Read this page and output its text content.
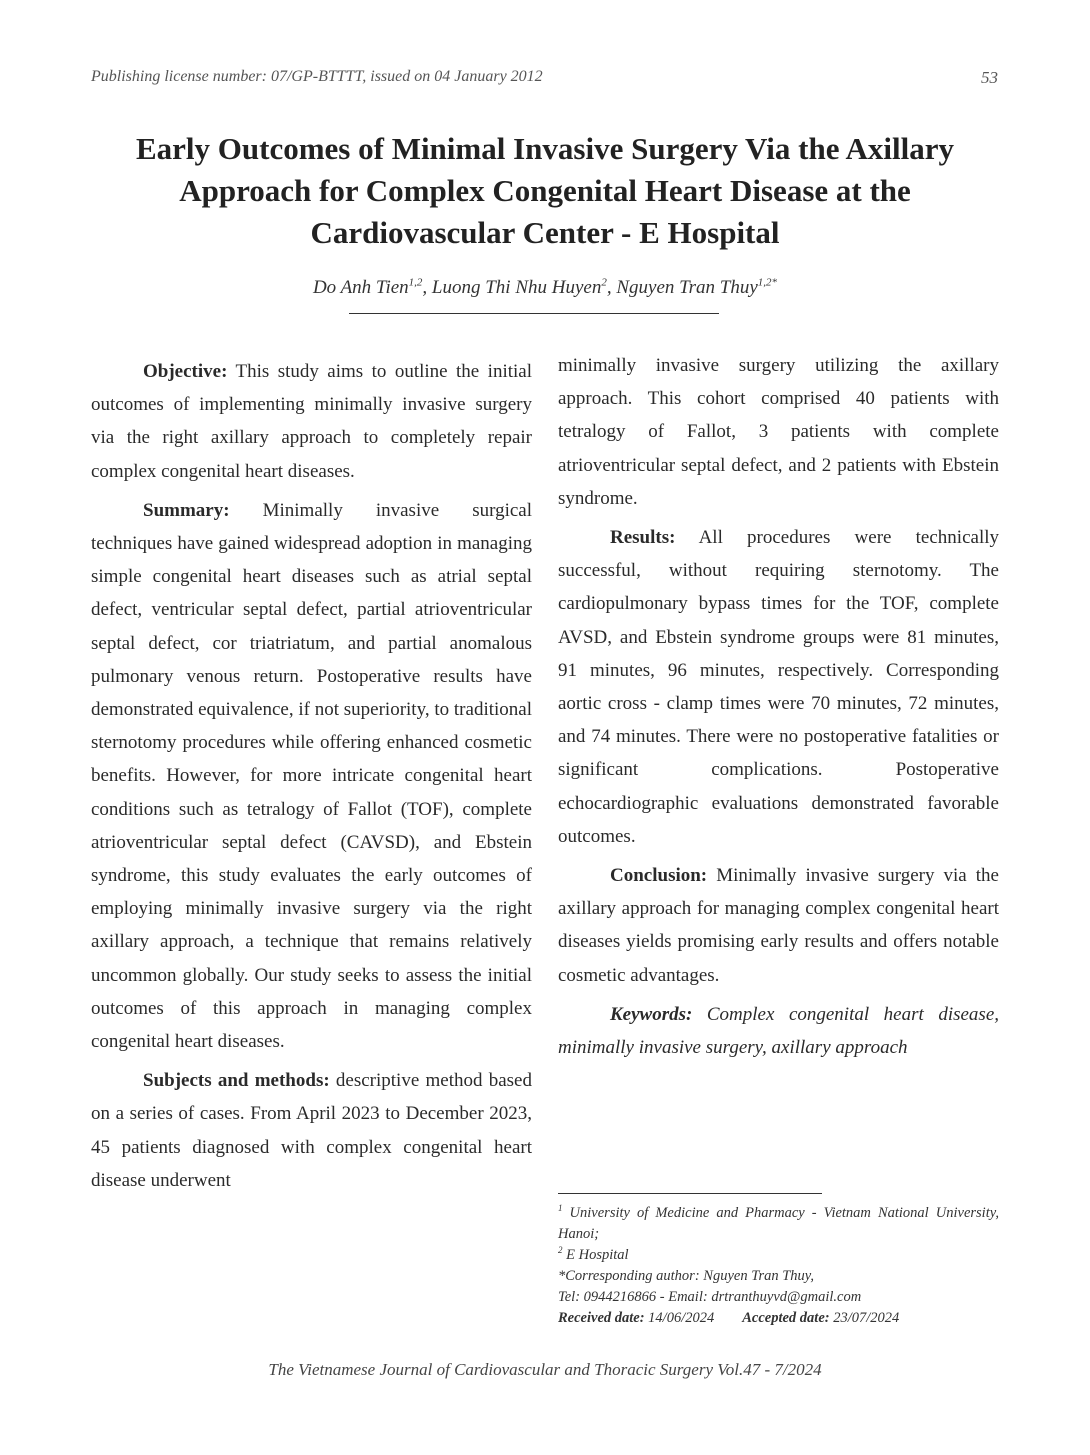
Publishing license number: 07/GP-BTTTT, issued on 04 January 2012	53
Early Outcomes of Minimal Invasive Surgery Via the Axillary
Approach for Complex Congenital Heart Disease at the
Cardiovascular Center - E Hospital
Do Anh Tien$^{1,2}$, Luong Thi Nhu Huyen$^2$, Nguyen Tran Thuy$^{1,2*}$

Objective: This study aims to outline the initial outcomes of implementing minimally invasive surgery via the right axillary approach to completely repair complex congenital heart diseases.

Summary: Minimally invasive surgical techniques have gained widespread adoption in managing simple congenital heart diseases such as atrial septal defect, ventricular septal defect, partial atrioventricular septal defect, cor triatriatum, and partial anomalous pulmonary venous return. Postoperative results have demonstrated equivalence, if not superiority, to traditional sternotomy procedures while offering enhanced cosmetic benefits. However, for more intricate congenital heart conditions such as tetralogy of Fallot (TOF), complete atrioventricular septal defect (CAVSD), and Ebstein syndrome, this study evaluates the early outcomes of employing minimally invasive surgery via the right axillary approach, a technique that remains relatively uncommon globally. Our study seeks to assess the initial outcomes of this approach in managing complex congenital heart diseases.

Subjects and methods: descriptive method based on a series of cases. From April 2023 to December 2023, 45 patients diagnosed with complex congenital heart disease underwent

minimally invasive surgery utilizing the axillary approach. This cohort comprised 40 patients with tetralogy of Fallot, 3 patients with complete atrioventricular septal defect, and 2 patients with Ebstein syndrome.

Results: All procedures were technically successful, without requiring sternotomy. The cardiopulmonary bypass times for the TOF, complete AVSD, and Ebstein syndrome groups were 81 minutes, 91 minutes, 96 minutes, respectively. Corresponding aortic cross - clamp times were 70 minutes, 72 minutes, and 74 minutes. There were no postoperative fatalities or significant complications. Postoperative echocardiographic evaluations demonstrated favorable outcomes.

Conclusion: Minimally invasive surgery via the axillary approach for managing complex congenital heart diseases yields promising early results and offers notable cosmetic advantages.

Keywords: Complex congenital heart disease, minimally invasive surgery, axillary approach

$^1$ University of Medicine and Pharmacy - Vietnam National University, Hanoi;

$^2$ E Hospital

*Corresponding author: Nguyen Tran Thuy,

Tel: 0944216866 - Email: drtranthuyvd@gmail.com

Received date: 14/06/2024 Accepted date: 23/07/2024

The Vietnamese Journal of Cardiovascular and Thoracic Surgery Vol.47 - 7/2024
